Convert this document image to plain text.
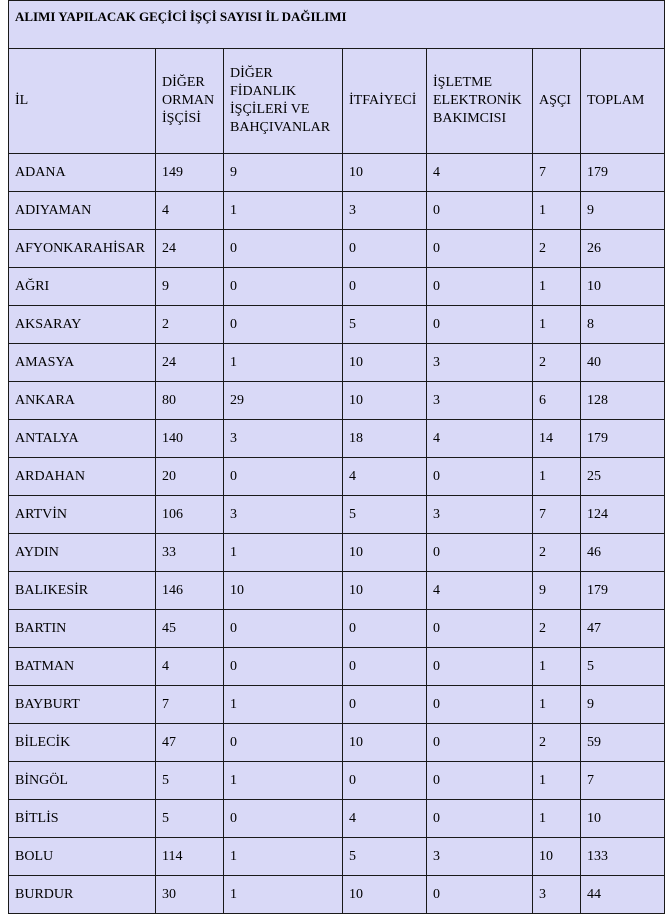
ALIMI YAPILACAK GEÇİCİ İŞÇİ SAYISI İL DAĞILIMI						
İL	DİĞER ORMAN İŞÇİSİ	DİĞER FİDANLIK İŞÇİLERİ VE BAHÇIVANLAR	İTFAİYECİ	İŞLETME ELEKTRONİK BAKIMCISI	AŞÇI	TOPLAM
ADANA	149	9	10	4	7	179
ADIYAMAN	4	1	3	0	1	9
AFYONKARAHİSAR	24	0	0	0	2	26
AĞRI	9	0	0	0	1	10
AKSARAY	2	0	5	0	1	8
AMASYA	24	1	10	3	2	40
ANKARA	80	29	10	3	6	128
ANTALYA	140	3	18	4	14	179
ARDAHAN	20	0	4	0	1	25
ARTVİN	106	3	5	3	7	124
AYDIN	33	1	10	0	2	46
BALIKESİR	146	10	10	4	9	179
BARTIN	45	0	0	0	2	47
BATMAN	4	0	0	0	1	5
BAYBURT	7	1	0	0	1	9
BİLECİK	47	0	10	0	2	59
BİNGÖL	5	1	0	0	1	7
BİTLİS	5	0	4	0	1	10
BOLU	114	1	5	3	10	133
BURDUR	30	1	10	0	3	44
